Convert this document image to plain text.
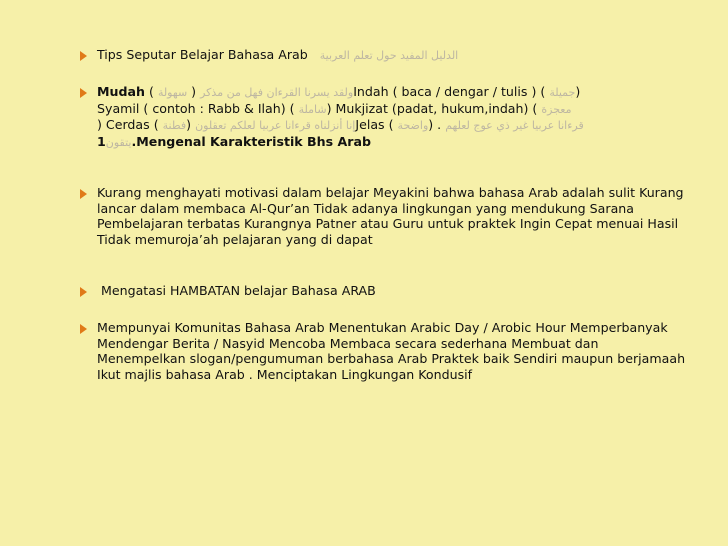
Tips Seputar Belajar Bahasa Arab الدليل المفيد حول تعلم العربية
Mudah ( سهولة ) ولقد يسرنا القرءان فهل من مذكرIndah ( baca / dengar / tulis ) ( جميلة)
Syamil ( contoh : Rabb & Ilah) ( شاملة) Mukjizat (padat, hukum,indah) ( معجزة
) Cerdas ( فطنة) إنا أنزلناه قرءانا عربيا لعلكم تعقلونJelas ( واضحة) . قرءانا عربيا غير ذي عوج لعلهم
يتقون1.Mengenal Karakteristik Bhs Arab
Kurang menghayati motivasi dalam belajar Meyakini bahwa bahasa Arab adalah sulit Kurang lancar dalam membaca Al-Qur’an Tidak adanya lingkungan yang mendukung Sarana Pembelajaran terbatas Kurangnya Patner atau Guru untuk praktek Ingin Cepat menuai Hasil Tidak memuroja’ah pelajaran yang di dapat
Mengatasi HAMBATAN belajar Bahasa ARAB
Mempunyai Komunitas Bahasa Arab Menentukan Arabic Day / Arobic Hour Memperbanyak Mendengar Berita / Nasyid Mencoba Membaca secara sederhana Membuat dan Menempelkan slogan/pengumuman berbahasa Arab Praktek baik Sendiri maupun berjamaah Ikut majlis bahasa Arab . Menciptakan Lingkungan Kondusif
